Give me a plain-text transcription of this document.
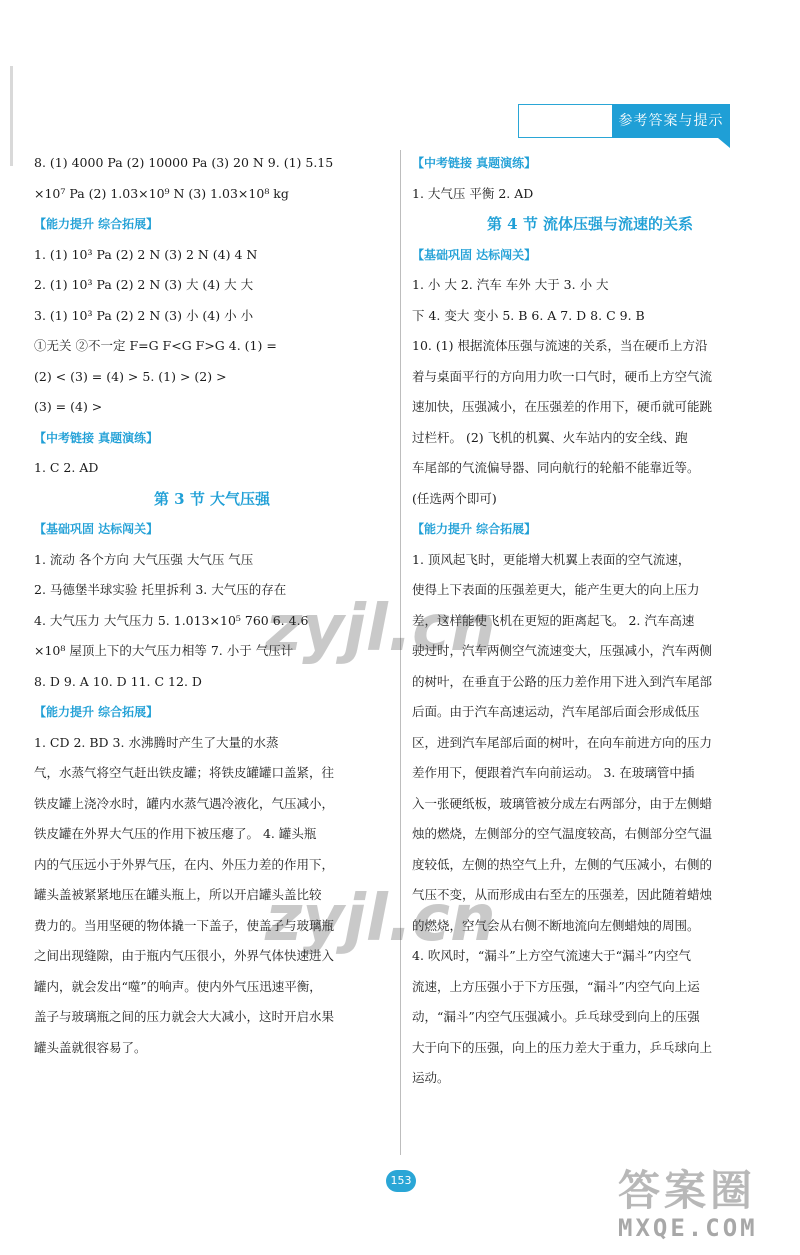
参考答案与提示
8. (1) 4000 Pa (2) 10000 Pa (3) 20 N 9. (1) 5.15
×10⁷ Pa (2) 1.03×10⁹ N (3) 1.03×10⁸ kg
【能力提升 综合拓展】
1. (1) 10³ Pa (2) 2 N (3) 2 N (4) 4 N
2. (1) 10³ Pa (2) 2 N (3) 大 (4) 大 大
3. (1) 10³ Pa (2) 2 N (3) 小 (4) 小 小
①无关 ②不一定 F=G F<G F>G 4. (1) =
(2) < (3) = (4) > 5. (1) > (2) >
(3) = (4) >
【中考链接 真题演练】
1. C 2. AD
第 3 节 大气压强
【基础巩固 达标闯关】
1. 流动 各个方向 大气压强 大气压 气压
2. 马德堡半球实验 托里拆利 3. 大气压的存在
4. 大气压力 大气压力 5. 1.013×10⁵ 760 6. 4.6
×10⁸ 屋顶上下的大气压力相等 7. 小于 气压计
8. D 9. A 10. D 11. C 12. D
【能力提升 综合拓展】
1. CD 2. BD 3. 水沸腾时产生了大量的水蒸
气，水蒸气将空气赶出铁皮罐；将铁皮罐罐口盖紧，往
铁皮罐上浇冷水时，罐内水蒸气遇冷液化，气压减小，
铁皮罐在外界大气压的作用下被压瘪了。 4. 罐头瓶
内的气压远小于外界气压，在内、外压力差的作用下，
罐头盖被紧紧地压在罐头瓶上，所以开启罐头盖比较
费力的。当用坚硬的物体撬一下盖子，使盖子与玻璃瓶
之间出现缝隙，由于瓶内气压很小，外界气体快速进入
罐内，就会发出“噬”的响声。使内外气压迅速平衡，
盖子与玻璃瓶之间的压力就会大大减小，这时开启水果
罐头盖就很容易了。
【中考链接 真题演练】
1. 大气压 平衡 2. AD
第 4 节 流体压强与流速的关系
【基础巩固 达标闯关】
1. 小 大 2. 汽车 车外 大于 3. 小 大
下 4. 变大 变小 5. B 6. A 7. D 8. C 9. B
10. (1) 根据流体压强与流速的关系，当在硬币上方沿
着与桌面平行的方向用力吹一口气时，硬币上方空气流
速加快，压强减小，在压强差的作用下，硬币就可能跳
过栏杆。 (2) 飞机的机翼、火车站内的安全线、跑
车尾部的气流偏导器、同向航行的轮船不能靠近等。
(任选两个即可)
【能力提升 综合拓展】
1. 顶风起飞时，更能增大机翼上表面的空气流速，
使得上下表面的压强差更大，能产生更大的向上压力
差，这样能使飞机在更短的距离起飞。 2. 汽车高速
驶过时，汽车两侧空气流速变大，压强减小，汽车两侧
的树叶，在垂直于公路的压力差作用下进入到汽车尾部
后面。由于汽车高速运动，汽车尾部后面会形成低压
区，进到汽车尾部后面的树叶，在向车前进方向的压力
差作用下，便跟着汽车向前运动。 3. 在玻璃管中插
入一张硬纸板，玻璃管被分成左右两部分，由于左侧蜡
烛的燃烧，左侧部分的空气温度较高，右侧部分空气温
度较低，左侧的热空气上升，左侧的气压减小，右侧的
气压不变，从而形成由右至左的压强差，因此随着蜡烛
的燃烧，空气会从右侧不断地流向左侧蜡烛的周围。
4. 吹风时，“漏斗”上方空气流速大于“漏斗”内空气
流速，上方压强小于下方压强，“漏斗”内空气向上运
动，“漏斗”内空气压强减小。乒乓球受到向上的压强
大于向下的压强，向上的压力差大于重力，乒乓球向上
运动。
zyjl.cn
zyjl.cn
153	答案圈
MXQE.COM
